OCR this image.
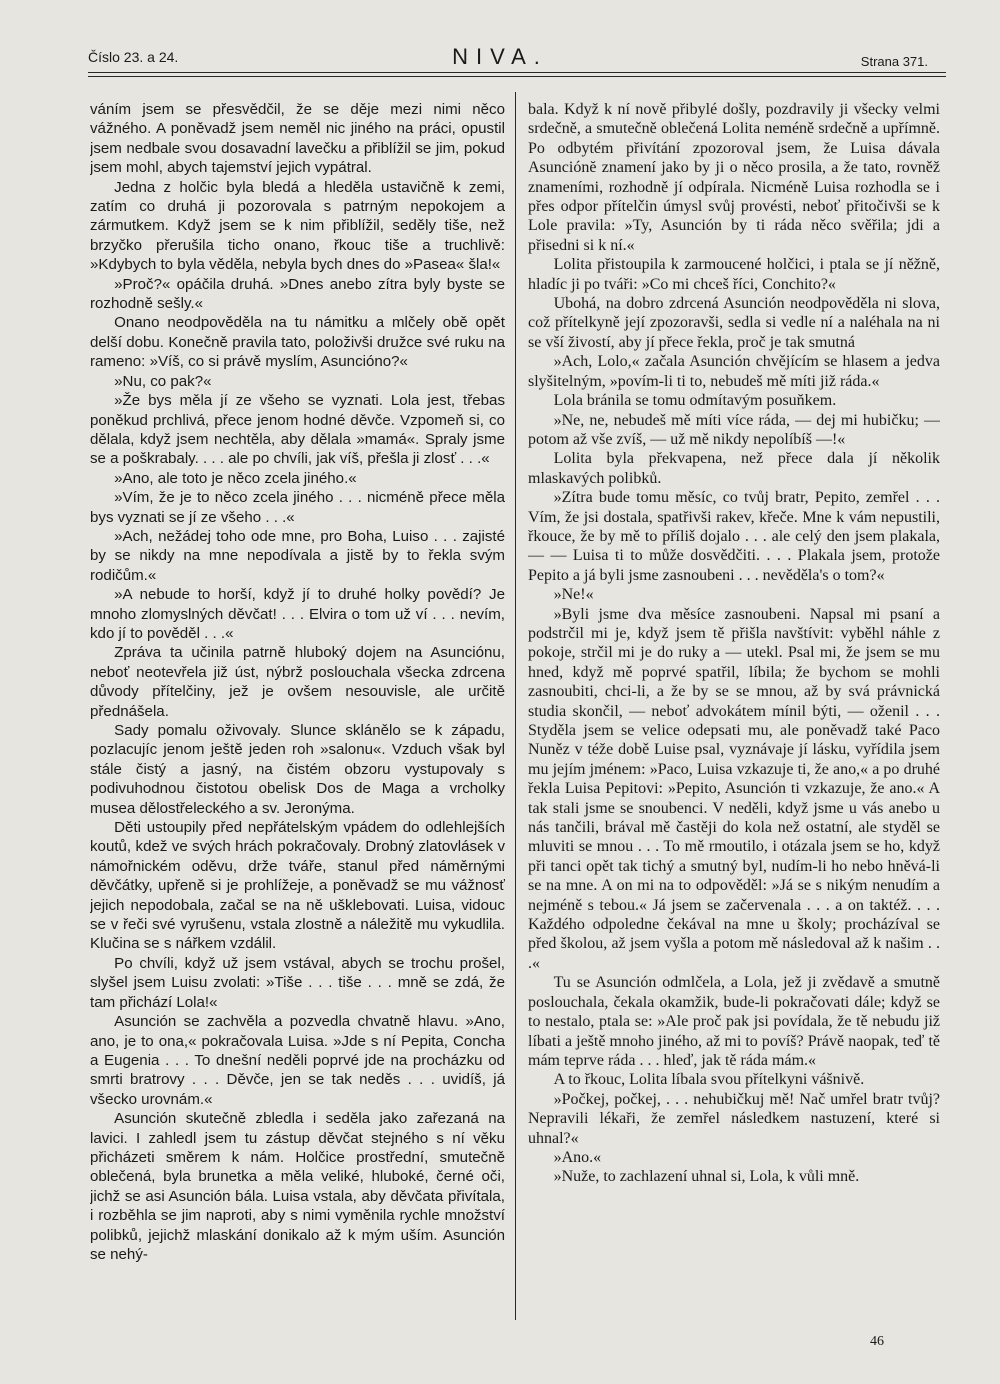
Číslo 23. a 24.	NIVA.	Strana 371.

váním jsem se přesvědčil, že se děje mezi nimi něco vážného. A poněvadž jsem neměl nic jiného na práci, opustil jsem nedbale svou dosavadní lavečku a přiblížil se jim, pokud jsem mohl, abych tajemství jejich vypátral.

Jedna z holčic byla bledá a hleděla ustavičně k zemi, zatím co druhá ji pozorovala s patrným nepokojem a zármutkem. Když jsem se k nim přiblížil, seděly tiše, než brzyčko přerušila ticho onano, řkouc tiše a truchlivě: »Kdybych to byla věděla, nebyla bych dnes do »Pasea« šla!«

»Proč?« opáčila druhá. »Dnes anebo zítra byly byste se rozhodně sešly.«

Onano neodpověděla na tu námitku a mlčely obě opět delší dobu. Konečně pravila tato, položivši družce své ruku na rameno: »Víš, co si právě myslím, Asuncióno?«

»Nu, co pak?«

»Že bys měla jí ze všeho se vyznati. Lola jest, třebas poněkud prchlivá, přece jenom hodné děvče. Vzpomeň si, co dělala, když jsem nechtěla, aby dělala »mamá«. Spraly jsme se a poškrabaly. . . . ale po chvíli, jak víš, přešla ji zlosť . . .«

»Ano, ale toto je něco zcela jiného.«

»Vím, že je to něco zcela jiného . . . nicméně přece měla bys vyznati se jí ze všeho . . .«

»Ach, nežádej toho ode mne, pro Boha, Luiso . . . zajisté by se nikdy na mne nepodívala a jistě by to řekla svým rodičům.«

»A nebude to horší, když jí to druhé holky povědí? Je mnoho zlomyslných děvčat! . . . Elvira o tom už ví . . . nevím, kdo jí to pověděl . . .«

Zpráva ta učinila patrně hluboký dojem na Asunciónu, neboť neotevřela již úst, nýbrž poslouchala všecka zdrcena důvody přítelčiny, jež je ovšem nesouvisle, ale určitě přednášela.

Sady pomalu oživovaly. Slunce sklánělo se k západu, pozlacujíc jenom ještě jeden roh »salonu«. Vzduch však byl stále čistý a jasný, na čistém obzoru vystupovaly s podivuhodnou čistotou obelisk Dos de Maga a vrcholky musea dělostřeleckého a sv. Jeronýma.

Děti ustoupily před nepřátelským vpádem do odlehlejších koutů, kdež ve svých hrách pokračovaly. Drobný zlatovlásek v námořnickém oděvu, drže tváře, stanul před náměrnými děvčátky, upřeně si je prohlížeje, a poněvadž se mu vážnosť jejich nepodobala, začal se na ně ušklebovati. Luisa, vidouc se v řeči své vyrušenu, vstala zlostně a náležitě mu vykudlila. Klučina se s nářkem vzdálil.

Po chvíli, když už jsem vstával, abych se trochu prošel, slyšel jsem Luisu zvolati: »Tiše . . . tiše . . . mně se zdá, že tam přichází Lola!«

Asunción se zachvěla a pozvedla chvatně hlavu. »Ano, ano, je to ona,« pokračovala Luisa. »Jde s ní Pepita, Concha a Eugenia . . . To dnešní neděli poprvé jde na procházku od smrti bratrovy . . . Děvče, jen se tak neděs . . . uvidíš, já všecko urovnám.«

Asunción skutečně zbledla i seděla jako zařezaná na lavici. I zahledl jsem tu zástup děvčat stejného s ní věku přicházeti směrem k nám. Holčice prostřední, smutečně oblečená, byla brunetka a měla veliké, hluboké, černé oči, jichž se asi Asunción bála. Luisa vstala, aby děvčata přivítala, i rozběhla se jim naproti, aby s nimi vyměnila rychle množství polibků, jejichž mlaskání donikalo až k mým uším. Asunción se nehý-

bala. Když k ní nově přibylé došly, pozdravily ji všecky velmi srdečně, a smutečně oblečená Lolita neméně srdečně a upřímně. Po odbytém přivítání zpozoroval jsem, že Luisa dávala Asunciónĕ znamení jako by ji o něco prosila, a že tato, rovněž znameními, rozhodně jí odpírala. Nicméně Luisa rozhodla se i přes odpor přítelčin úmysl svůj provésti, neboť přitočivši se k Lole pravila: »Ty, Asunción by ti ráda něco svěřila; jdi a přisedni si k ní.«

Lolita přistoupila k zarmoucené holčici, i ptala se jí něžně, hladíc ji po tváři: »Co mi chceš říci, Conchito?«

Ubohá, na dobro zdrcená Asunción neodpověděla ni slova, což přítelkyně její zpozoravši, sedla si vedle ní a naléhala na ni se vší živostí, aby jí přece řekla, proč je tak smutná

»Ach, Lolo,« začala Asunción chvějícím se hlasem a jedva slyšitelným, »povím-li ti to, nebudeš mě míti již ráda.«

Lola bránila se tomu odmítavým posuňkem.

»Ne, ne, nebudeš mě míti více ráda, — dej mi hubičku; — potom až vše zvíš, — už mě nikdy nepolíbíš —!«

Lolita byla překvapena, než přece dala jí několik mlaskavých polibků.

»Zítra bude tomu měsíc, co tvůj bratr, Pepito, zemřel . . . Vím, že jsi dostala, spatřivši rakev, křeče. Mne k vám nepustili, řkouce, že by mě to příliš dojalo . . . ale celý den jsem plakala, — — Luisa ti to může dosvědčiti. . . . Plakala jsem, protože Pepito a já byli jsme zasnoubeni . . . nevěděla's o tom?«

»Ne!«

»Byli jsme dva měsíce zasnoubeni. Napsal mi psaní a podstrčil mi je, když jsem tě přišla navštívit: vyběhl náhle z pokoje, strčil mi je do ruky a — utekl. Psal mi, že jsem se mu hned, když mě poprvé spatřil, líbila; že bychom se mohli zasnoubiti, chci-li, a že by se se mnou, až by svá právnická studia skončil, — neboť advokátem mínil býti, — oženil . . . Styděla jsem se velice odepsati mu, ale poněvadž také Paco Nuněz v téže době Luise psal, vyznávaje jí lásku, vyřídila jsem mu jejím jménem: »Paco, Luisa vzkazuje ti, že ano,« a po druhé řekla Luisa Pepitovi: »Pepito, Asunción ti vzkazuje, že ano.« A tak stali jsme se snoubenci. V neděli, když jsme u vás anebo u nás tančili, brával mě častěji do kola než ostatní, ale styděl se mluviti se mnou . . . To mě rmoutilo, i otázala jsem se ho, když při tanci opět tak tichý a smutný byl, nudím-li ho nebo hněvá-li se na mne. A on mi na to odpověděl: »Já se s nikým nenudím a nejméně s tebou.« Já jsem se začervenala . . . a on taktéž. . . . Každého odpoledne čekával na mne u školy; procházíval se před školou, až jsem vyšla a potom mě následoval až k našim . . .«

Tu se Asunción odmlčela, a Lola, jež ji zvědavě a smutně poslouchala, čekala okamžik, bude-li pokračovati dále; když se to nestalo, ptala se: »Ale proč pak jsi povídala, že tě nebudu již líbati a ještě mnoho jiného, až mi to povíš? Právě naopak, teď tě mám teprve ráda . . . hleď, jak tě ráda mám.«

A to řkouc, Lolita líbala svou přítelkyni vášnivě.

»Počkej, počkej, . . . nehubičkuj mě! Nač umřel bratr tvůj? Nepravili lékaři, že zemřel následkem nastuzení, které si uhnal?«

»Ano.«

»Nuže, to zachlazení uhnal si, Lola, k vůli mně.

46
